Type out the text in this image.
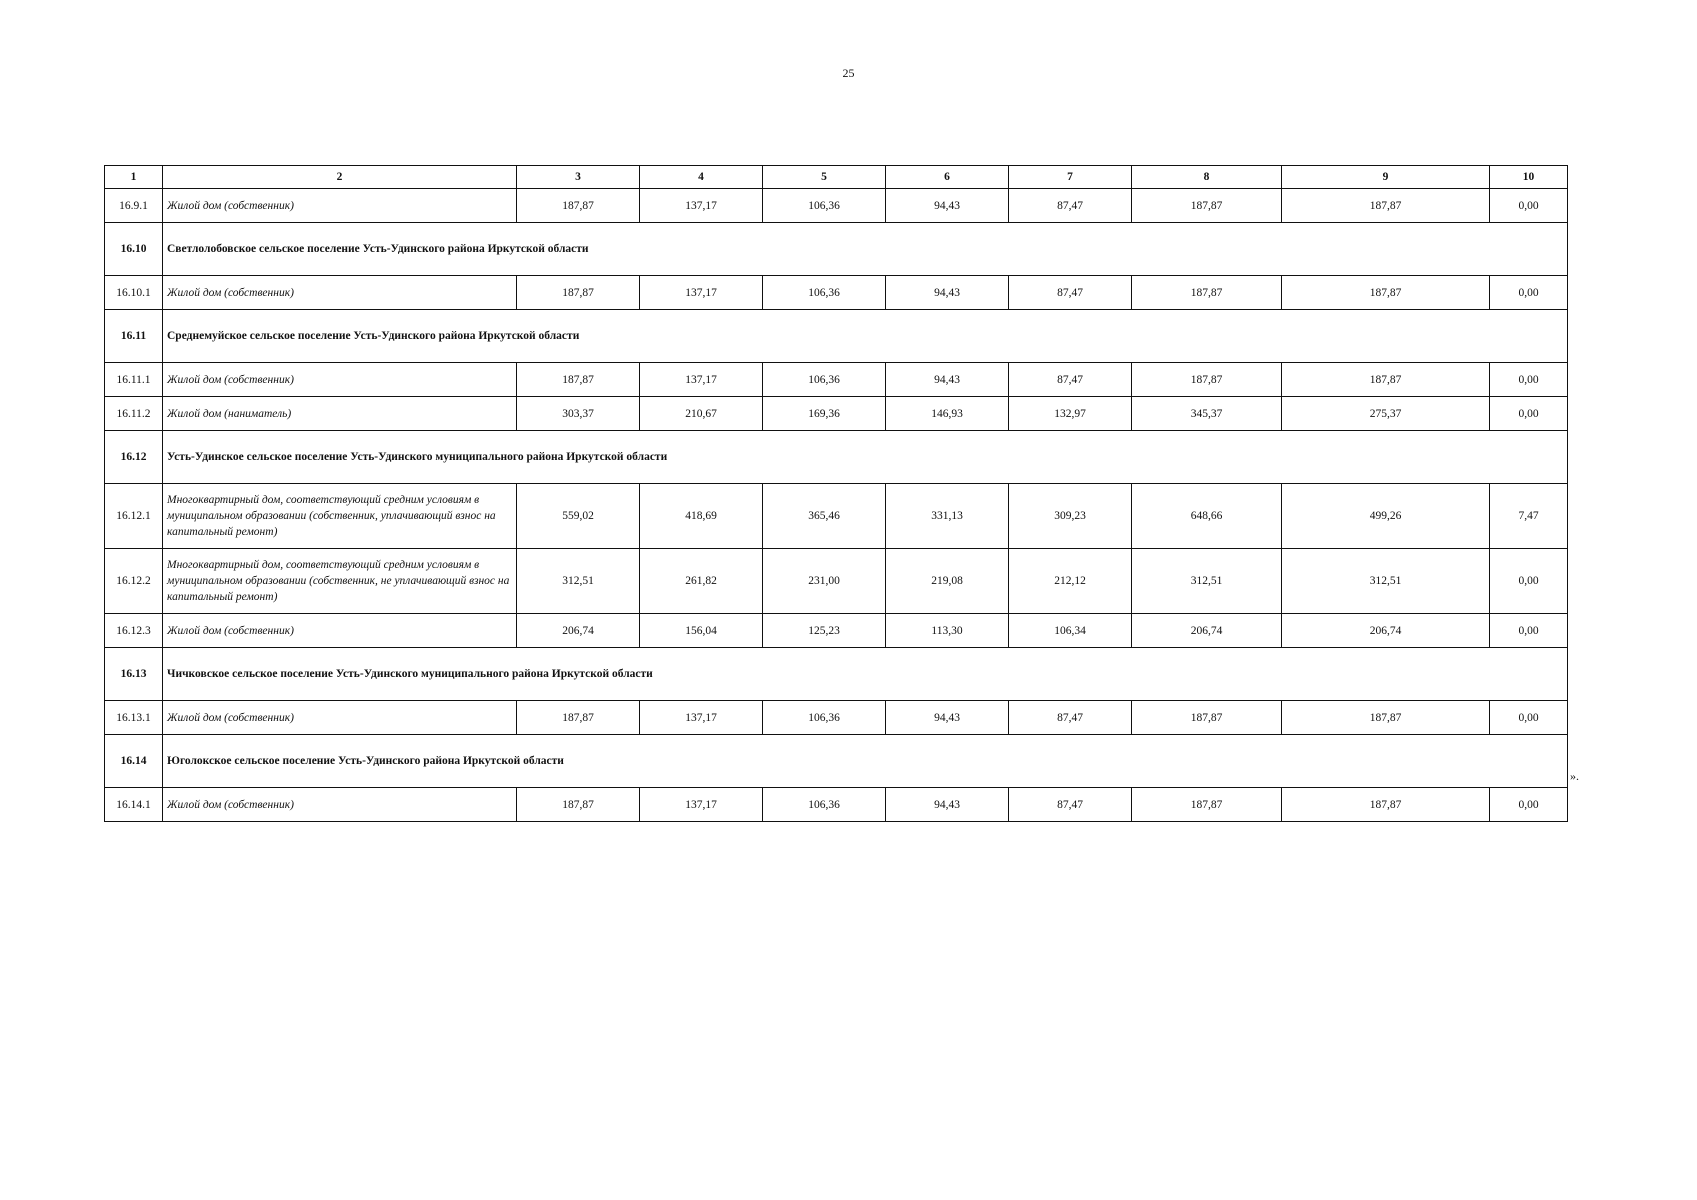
25
1	2	3	4	5	6	7	8	9	10
16.9.1	Жилой дом (собственник)	187,87	137,17	106,36	94,43	87,47	187,87	187,87	0,00
16.10	Светлолобовское сельское поселение Усть-Удинского района Иркутской области								
16.10.1	Жилой дом (собственник)	187,87	137,17	106,36	94,43	87,47	187,87	187,87	0,00
16.11	Среднемуйское сельское поселение Усть-Удинского района Иркутской области								
16.11.1	Жилой дом (собственник)	187,87	137,17	106,36	94,43	87,47	187,87	187,87	0,00
16.11.2	Жилой дом (наниматель)	303,37	210,67	169,36	146,93	132,97	345,37	275,37	0,00
16.12	Усть-Удинское сельское поселение Усть-Удинского муниципального района Иркутской области								
16.12.1	Многоквартирный дом, соответствующий средним условиям в муниципальном образовании (собственник, уплачивающий взнос на капитальный ремонт)	559,02	418,69	365,46	331,13	309,23	648,66	499,26	7,47
16.12.2	Многоквартирный дом, соответствующий средним условиям в муниципальном образовании (собственник, не уплачивающий взнос на капитальный ремонт)	312,51	261,82	231,00	219,08	212,12	312,51	312,51	0,00
16.12.3	Жилой дом (собственник)	206,74	156,04	125,23	113,30	106,34	206,74	206,74	0,00
16.13	Чичковское сельское поселение Усть-Удинского муниципального района Иркутской области								
16.13.1	Жилой дом (собственник)	187,87	137,17	106,36	94,43	87,47	187,87	187,87	0,00
16.14	Юголокское сельское поселение Усть-Удинского района Иркутской области								
16.14.1	Жилой дом (собственник)	187,87	137,17	106,36	94,43	87,47	187,87	187,87	0,00
».
